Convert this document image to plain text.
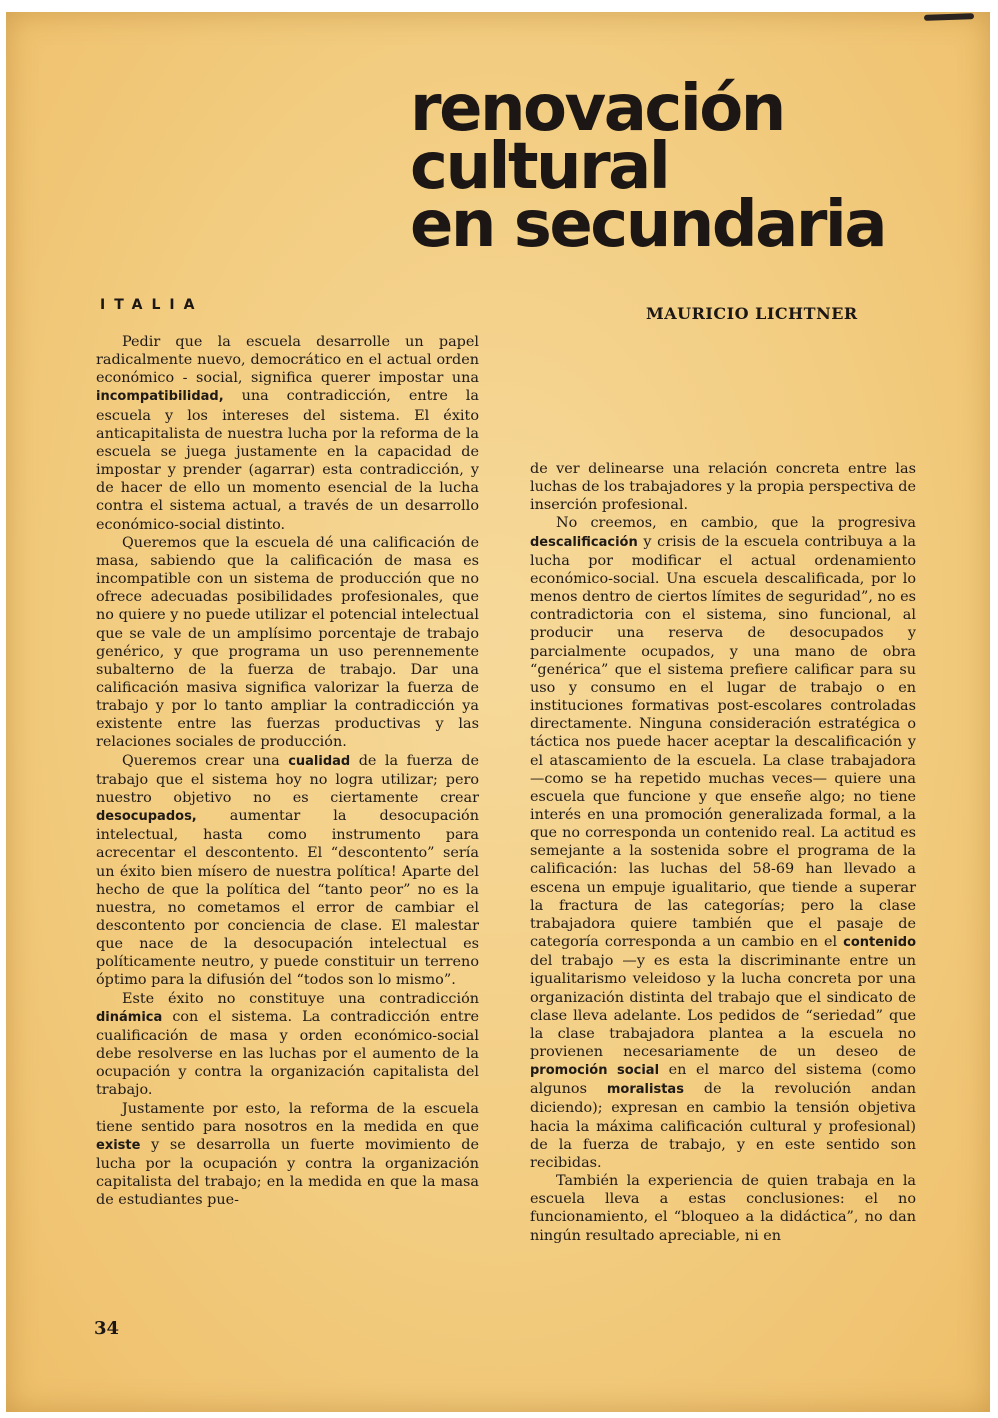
renovación
cultural
en secundaria
ITALIA	MAURICIO LICHTNER

Pedir que la escuela desarrolle un papel radicalmente nuevo, democrático en el actual orden económico - social, significa querer impostar una incompatibilidad, una contradicción, entre la escuela y los intereses del sistema. El éxito anticapitalista de nuestra lucha por la reforma de la escuela se juega justamente en la capacidad de impostar y prender (agarrar) esta contradicción, y de hacer de ello un momento esencial de la lucha contra el sistema actual, a través de un desarrollo económico-social distinto.

Queremos que la escuela dé una calificación de masa, sabiendo que la calificación de masa es incompatible con un sistema de producción que no ofrece adecuadas posibilidades profesionales, que no quiere y no puede utilizar el potencial intelectual que se vale de un amplísimo porcentaje de trabajo genérico, y que programa un uso perennemente subalterno de la fuerza de trabajo. Dar una calificación masiva significa valorizar la fuerza de trabajo y por lo tanto ampliar la contradicción ya existente entre las fuerzas productivas y las relaciones sociales de producción.

Queremos crear una cualidad de la fuerza de trabajo que el sistema hoy no logra utilizar; pero nuestro objetivo no es ciertamente crear desocupados, aumentar la desocupación intelectual, hasta como instrumento para acrecentar el descontento. El “descontento” sería un éxito bien mísero de nuestra política! Aparte del hecho de que la política del “tanto peor” no es la nuestra, no cometamos el error de cambiar el descontento por conciencia de clase. El malestar que nace de la desocupación intelectual es políticamente neutro, y puede constituir un terreno óptimo para la difusión del “todos son lo mismo”.

Este éxito no constituye una contradicción dinámica con el sistema. La contradicción entre cualificación de masa y orden económico-social debe resolverse en las luchas por el aumento de la ocupación y contra la organización capitalista del trabajo.

Justamente por esto, la reforma de la escuela tiene sentido para nosotros en la medida en que existe y se desarrolla un fuerte movimiento de lucha por la ocupación y contra la organización capitalista del trabajo; en la medida en que la masa de estudiantes pue-

de ver delinearse una relación concreta entre las luchas de los trabajadores y la propia perspectiva de inserción profesional.

No creemos, en cambio, que la progresiva descalificación y crisis de la escuela contribuya a la lucha por modificar el actual ordenamiento económico-social. Una escuela descalificada, por lo menos dentro de ciertos límites de seguridad”, no es contradictoria con el sistema, sino funcional, al producir una reserva de desocupados y parcialmente ocupados, y una mano de obra “genérica” que el sistema prefiere calificar para su uso y consumo en el lugar de trabajo o en instituciones formativas post-escolares controladas directamente. Ninguna consideración estratégica o táctica nos puede hacer aceptar la descalificación y el atascamiento de la escuela. La clase trabajadora —como se ha repetido muchas veces— quiere una escuela que funcione y que enseñe algo; no tiene interés en una promoción generalizada formal, a la que no corresponda un contenido real. La actitud es semejante a la sostenida sobre el programa de la calificación: las luchas del 58-69 han llevado a escena un empuje igualitario, que tiende a superar la fractura de las categorías; pero la clase trabajadora quiere también que el pasaje de categoría corresponda a un cambio en el contenido del trabajo —y es esta la discriminante entre un igualitarismo veleidoso y la lucha concreta por una organización distinta del trabajo que el sindicato de clase lleva adelante. Los pedidos de “seriedad” que la clase trabajadora plantea a la escuela no provienen necesariamente de un deseo de promoción social en el marco del sistema (como algunos moralistas de la revolución andan diciendo); expresan en cambio la tensión objetiva hacia la máxima calificación cultural y profesional) de la fuerza de trabajo, y en este sentido son recibidas.

También la experiencia de quien trabaja en la escuela lleva a estas conclusiones: el no funcionamiento, el “bloqueo a la didáctica”, no dan ningún resultado apreciable, ni en

34
